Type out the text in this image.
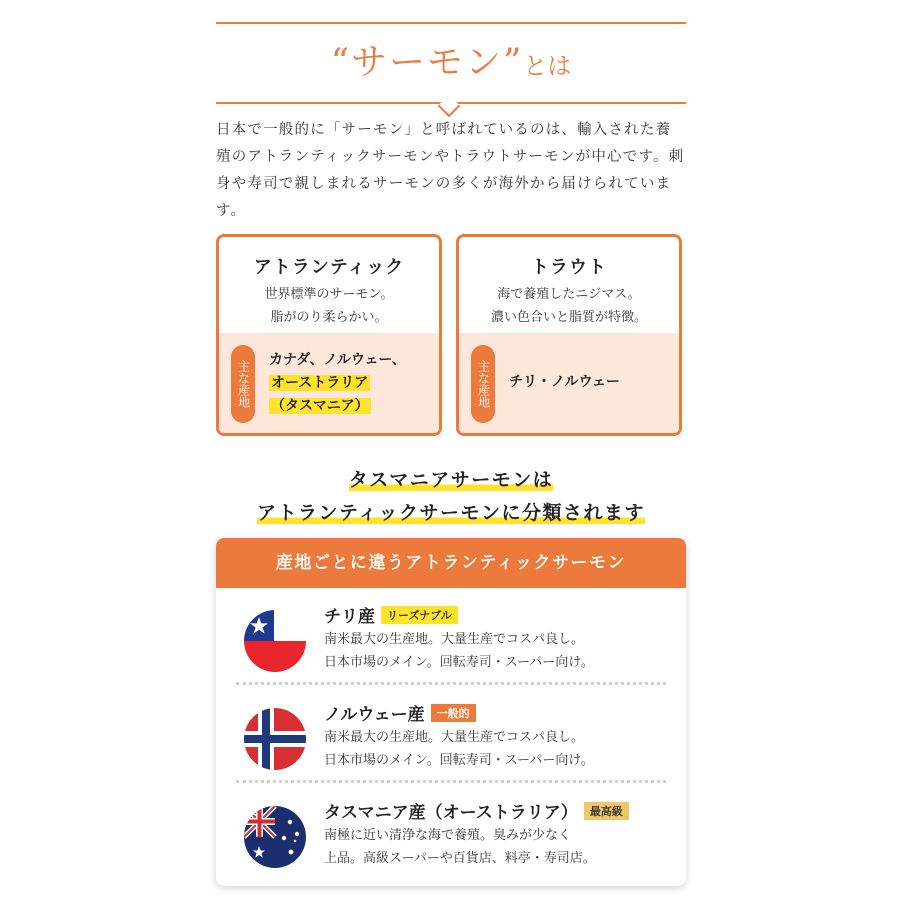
“サーモン”とは
日本で一般的に「サーモン」と呼ばれているのは、輸入された養殖のアトランティックサーモンやトラウトサーモンが中心です。刺身や寿司で親しまれるサーモンの多くが海外から届けられています。
アトランティック
世界標準のサーモン。
脂がのり柔らかい。
主な産地	カナダ、ノルウェー、
オーストラリア
（タスマニア）
トラウト
海で養殖したニジマス。
濃い色合いと脂質が特徴。
主な産地	チリ・ノルウェー
タスマニアサーモンは
アトランティックサーモンに分類されます
産地ごとに違うアトランティックサーモン
チリ産 リーズナブル
南米最大の生産地。大量生産でコスパ良し。
日本市場のメイン。回転寿司・スーパー向け。
ノルウェー産 一般的
南米最大の生産地。大量生産でコスパ良し。
日本市場のメイン。回転寿司・スーパー向け。
タスマニア産（オーストラリア） 最高級
南極に近い清浄な海で養殖。臭みが少なく
上品。高級スーパーや百貨店、料亭・寿司店。
